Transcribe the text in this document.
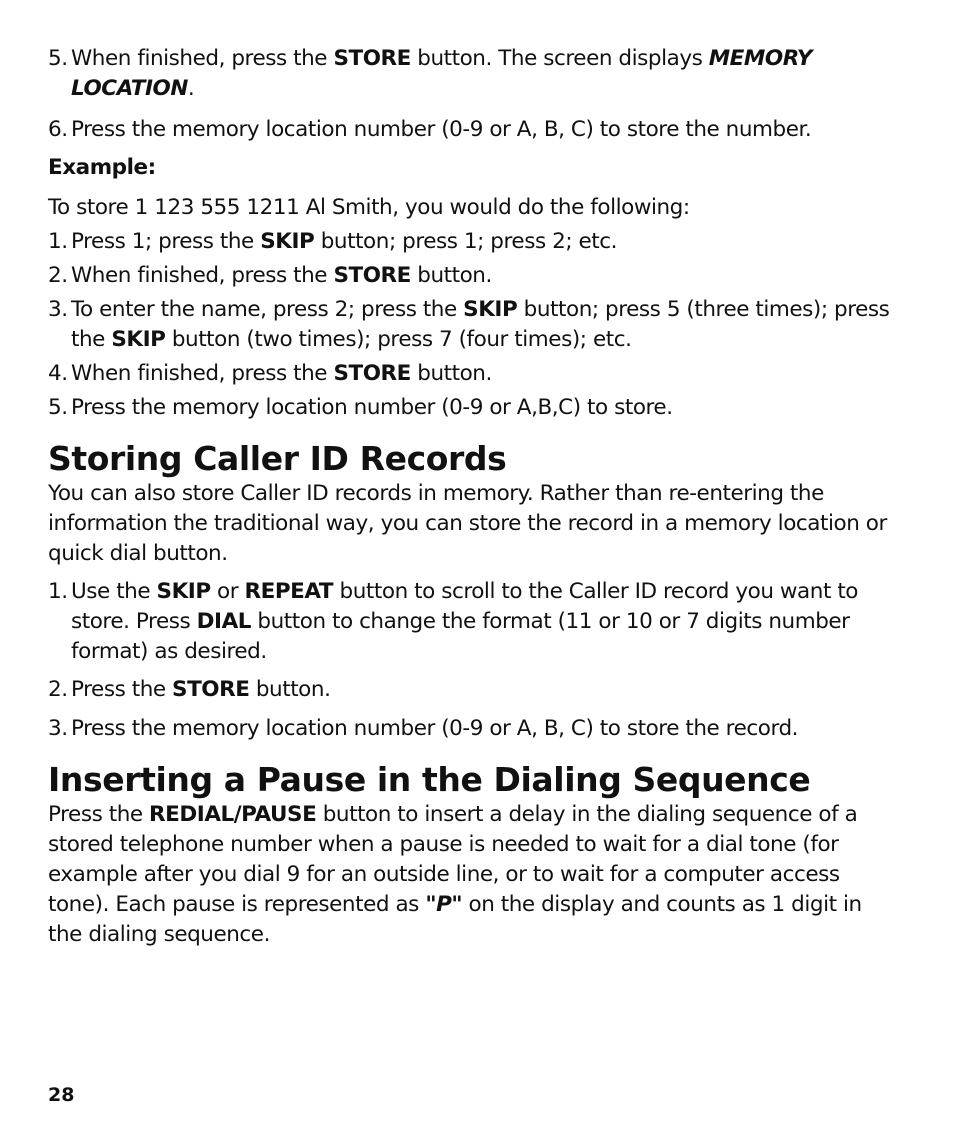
5. When finished, press the STORE button. The screen displays MEMORY LOCATION.

6. Press the memory location number (0-9 or A, B, C) to store the number.

Example:

To store 1 123 555 1211 Al Smith, you would do the following:

1. Press 1; press the SKIP button; press 1; press 2; etc.

2. When finished, press the STORE button.

3. To enter the name, press 2; press the SKIP button; press 5 (three times); press the SKIP button (two times); press 7 (four times); etc.

4. When finished, press the STORE button.

5. Press the memory location number (0-9 or A,B,C) to store.

Storing Caller ID Records

You can also store Caller ID records in memory. Rather than re-entering the information the traditional way, you can store the record in a memory location or quick dial button.

1. Use the SKIP or REPEAT button to scroll to the Caller ID record you want to store. Press DIAL button to change the format (11 or 10 or 7 digits number format) as desired.

2. Press the STORE button.

3. Press the memory location number (0-9 or A, B, C) to store the record.

Inserting a Pause in the Dialing Sequence

Press the REDIAL/PAUSE button to insert a delay in the dialing sequence of a stored telephone number when a pause is needed to wait for a dial tone (for example after you dial 9 for an outside line, or to wait for a computer access tone). Each pause is represented as "P" on the display and counts as 1 digit in the dialing sequence.

28
